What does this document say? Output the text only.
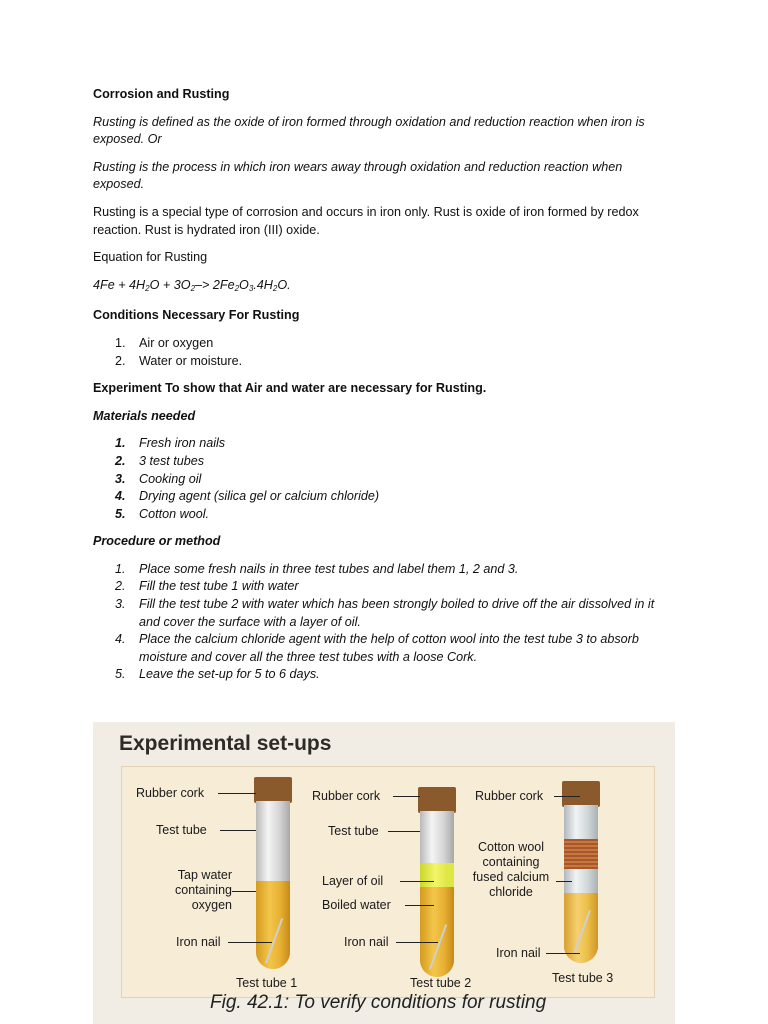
Corrosion and Rusting
Rusting is defined as the oxide of iron formed through oxidation and reduction reaction when iron is exposed. Or
Rusting is the process in which iron wears away through oxidation and reduction reaction when exposed.
Rusting is a special type of corrosion and occurs in iron only. Rust is oxide of iron formed by redox reaction. Rust is hydrated iron (III) oxide.
Equation for Rusting
$4Fe + 4H_2O + 3O_2-> 2Fe_2O_3.4H_2O$.
Conditions Necessary For Rusting
1. Air or oxygen
2. Water or moisture.
Experiment To show that Air and water are necessary for Rusting.
Materials needed
1. Fresh iron nails
2. 3 test tubes
3. Cooking oil
4. Drying agent (silica gel or calcium chloride)
5. Cotton wool.
Procedure or method
1. Place some fresh nails in three test tubes and label them 1, 2 and 3.
2. Fill the test tube 1 with water
3. Fill the test tube 2 with water which has been strongly boiled to drive off the air dissolved in it and cover the surface with a layer of oil.
4. Place the calcium chloride agent with the help of cotton wool into the test tube 3 to absorb moisture and cover all the three test tubes with a loose Cork.
5. Leave the set-up for 5 to 6 days.
Experimental set-ups
Rubber cork
Test tube
Tap water containing oxygen
Iron nail
Test tube 1
Rubber cork
Test tube
Layer of oil
Boiled water
Iron nail
Test tube 2
Rubber cork
Cotton wool containing fused calcium chloride
Iron nail
Test tube 3
Fig. 42.1: To verify conditions for rusting
